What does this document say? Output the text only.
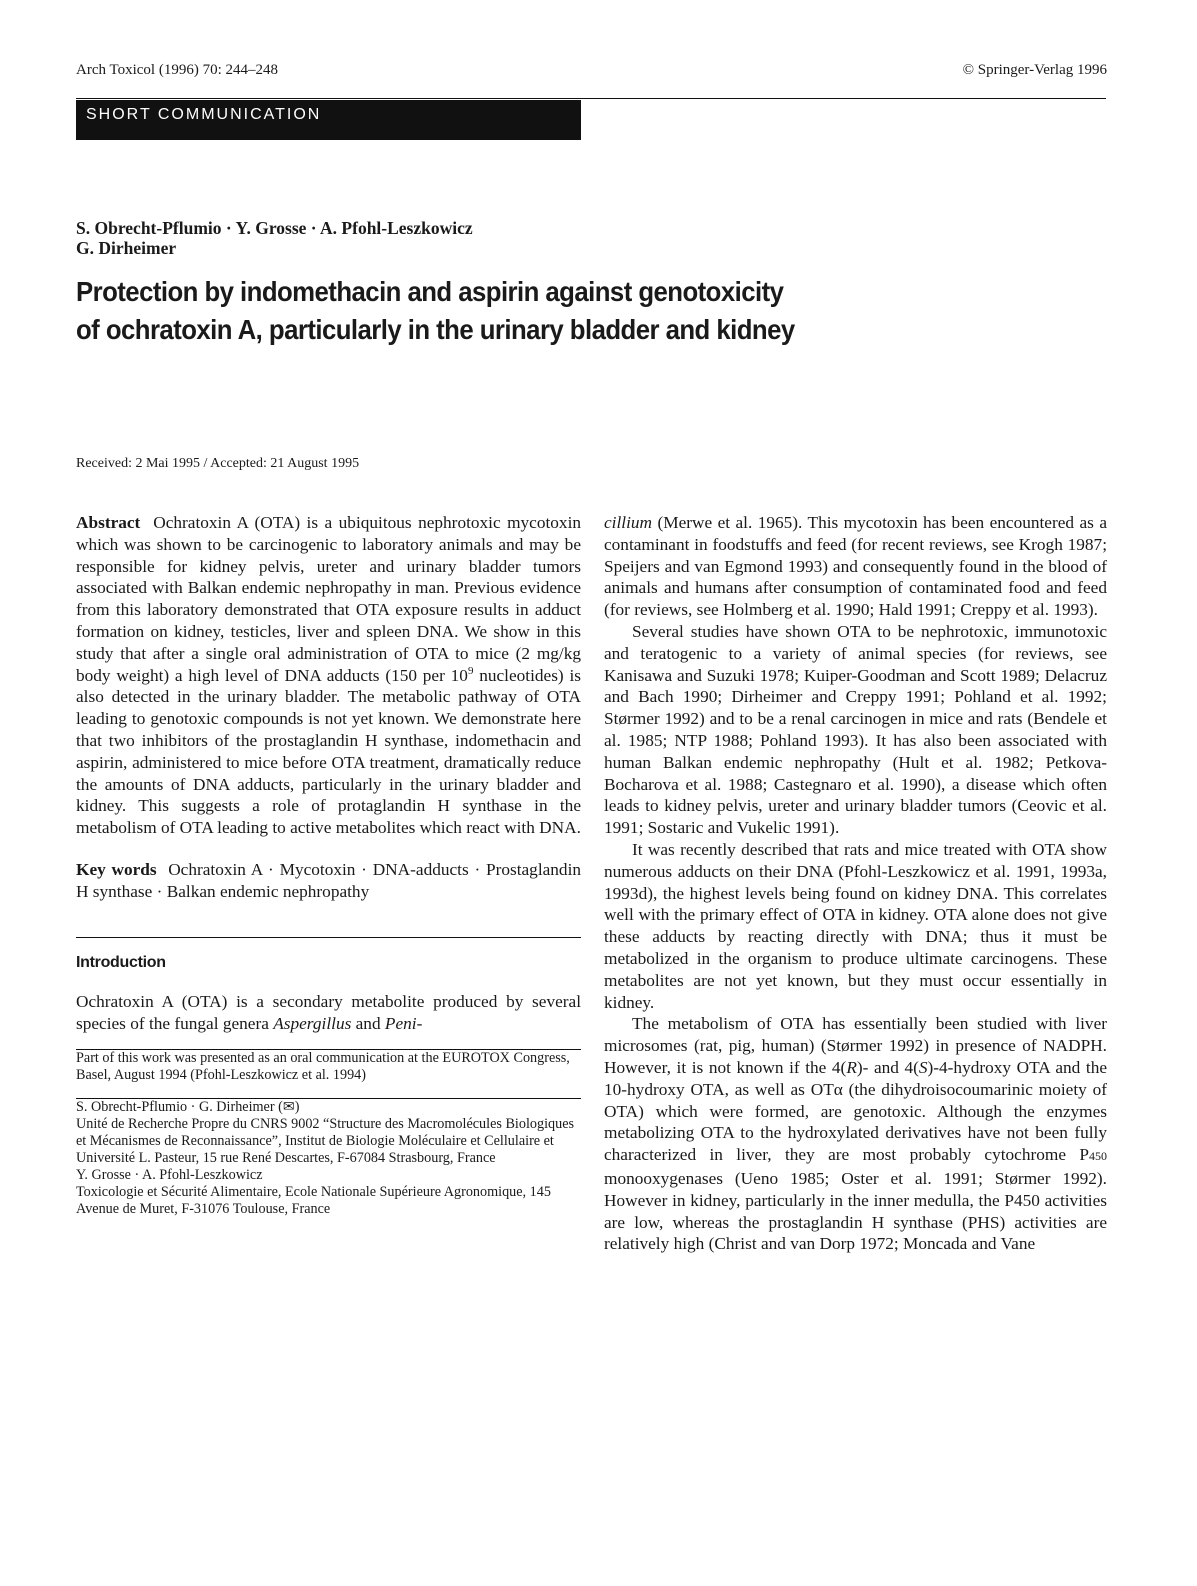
Arch Toxicol (1996) 70: 244–248	© Springer-Verlag 1996
SHORT COMMUNICATION
S. Obrecht-Pflumio · Y. Grosse · A. Pfohl-Leszkowicz
G. Dirheimer
Protection by indomethacin and aspirin against genotoxicity
of ochratoxin A, particularly in the urinary bladder and kidney
Received: 2 Mai 1995 / Accepted: 21 August 1995

Abstract Ochratoxin A (OTA) is a ubiquitous nephrotoxic mycotoxin which was shown to be carcinogenic to laboratory animals and may be responsible for kidney pelvis, ureter and urinary bladder tumors associated with Balkan endemic nephropathy in man. Previous evidence from this laboratory demonstrated that OTA exposure results in adduct formation on kidney, testicles, liver and spleen DNA. We show in this study that after a single oral administration of OTA to mice (2 mg/kg body weight) a high level of DNA adducts (150 per $10^9$ nucleotides) is also detected in the urinary bladder. The metabolic pathway of OTA leading to genotoxic compounds is not yet known. We demonstrate here that two inhibitors of the prostaglandin H synthase, indomethacin and aspirin, administered to mice before OTA treatment, dramatically reduce the amounts of DNA adducts, particularly in the urinary bladder and kidney. This suggests a role of protaglandin H synthase in the metabolism of OTA leading to active metabolites which react with DNA.

Key words Ochratoxin A · Mycotoxin · DNA-adducts · Prostaglandin H synthase · Balkan endemic nephropathy

Introduction

Ochratoxin A (OTA) is a secondary metabolite produced by several species of the fungal genera Aspergillus and Peni-

Part of this work was presented as an oral communication at the EUROTOX Congress, Basel, August 1994 (Pfohl-Leszkowicz et al. 1994)

S. Obrecht-Pflumio · G. Dirheimer (✉)

Unité de Recherche Propre du CNRS 9002 “Structure des Macromolécules Biologiques et Mécanismes de Reconnaissance”, Institut de Biologie Moléculaire et Cellulaire et Université L. Pasteur, 15 rue René Descartes, F-67084 Strasbourg, France

Y. Grosse · A. Pfohl-Leszkowicz

Toxicologie et Sécurité Alimentaire, Ecole Nationale Supérieure Agronomique, 145 Avenue de Muret, F-31076 Toulouse, France

cillium (Merwe et al. 1965). This mycotoxin has been encountered as a contaminant in foodstuffs and feed (for recent reviews, see Krogh 1987; Speijers and van Egmond 1993) and consequently found in the blood of animals and humans after consumption of contaminated food and feed (for reviews, see Holmberg et al. 1990; Hald 1991; Creppy et al. 1993).

Several studies have shown OTA to be nephrotoxic, immunotoxic and teratogenic to a variety of animal species (for reviews, see Kanisawa and Suzuki 1978; Kuiper-Goodman and Scott 1989; Delacruz and Bach 1990; Dirheimer and Creppy 1991; Pohland et al. 1992; Størmer 1992) and to be a renal carcinogen in mice and rats (Bendele et al. 1985; NTP 1988; Pohland 1993). It has also been associated with human Balkan endemic nephropathy (Hult et al. 1982; Petkova-Bocharova et al. 1988; Castegnaro et al. 1990), a disease which often leads to kidney pelvis, ureter and urinary bladder tumors (Ceovic et al. 1991; Sostaric and Vukelic 1991).

It was recently described that rats and mice treated with OTA show numerous adducts on their DNA (Pfohl-Leszkowicz et al. 1991, 1993a, 1993d), the highest levels being found on kidney DNA. This correlates well with the primary effect of OTA in kidney. OTA alone does not give these adducts by reacting directly with DNA; thus it must be metabolized in the organism to produce ultimate carcinogens. These metabolites are not yet known, but they must occur essentially in kidney.

The metabolism of OTA has essentially been studied with liver microsomes (rat, pig, human) (Størmer 1992) in presence of NADPH. However, it is not known if the 4(R)- and 4(S)-4-hydroxy OTA and the 10-hydroxy OTA, as well as OTα (the dihydroisocoumarinic moiety of OTA) which were formed, are genotoxic. Although the enzymes metabolizing OTA to the hydroxylated derivatives have not been fully characterized in liver, they are most probably cytochrome P450 monooxygenases (Ueno 1985; Oster et al. 1991; Størmer 1992). However in kidney, particularly in the inner medulla, the P450 activities are low, whereas the prostaglandin H synthase (PHS) activities are relatively high (Christ and van Dorp 1972; Moncada and Vane
